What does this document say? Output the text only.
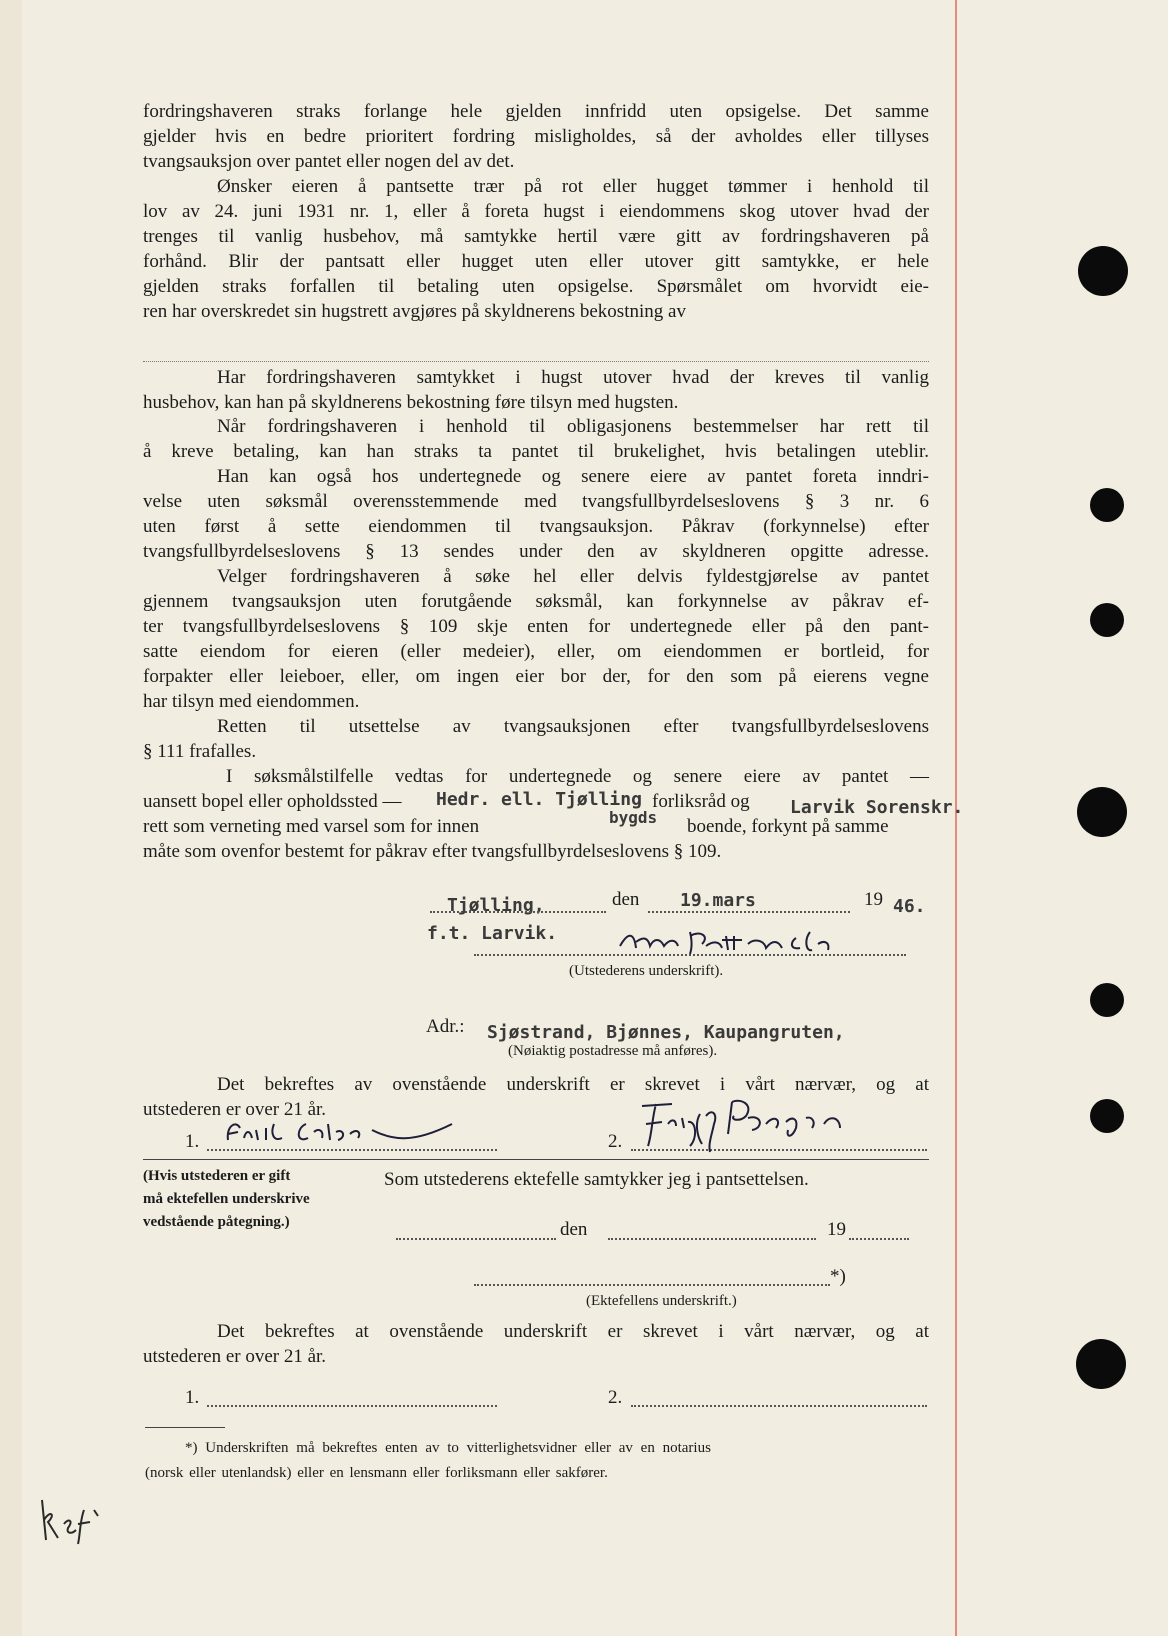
fordringshaveren straks forlange hele gjelden innfridd uten opsigelse. Det samme
gjelder hvis en bedre prioritert fordring misligholdes, så der avholdes eller tillyses
tvangsauksjon over pantet eller nogen del av det.
Ønsker eieren å pantsette trær på rot eller hugget tømmer i henhold til
lov av 24. juni 1931 nr. 1, eller å foreta hugst i eiendommens skog utover hvad der
trenges til vanlig husbehov, må samtykke hertil være gitt av fordringshaveren på
forhånd. Blir der pantsatt eller hugget uten eller utover gitt samtykke, er hele
gjelden straks forfallen til betaling uten opsigelse. Spørsmålet om hvorvidt eie-
ren har overskredet sin hugstrett avgjøres på skyldnerens bekostning av
Har fordringshaveren samtykket i hugst utover hvad der kreves til vanlig
husbehov, kan han på skyldnerens bekostning føre tilsyn med hugsten.
Når fordringshaveren i henhold til obligasjonens bestemmelser har rett til
å kreve betaling, kan han straks ta pantet til brukelighet, hvis betalingen uteblir.
Han kan også hos undertegnede og senere eiere av pantet foreta inndri-
velse uten søksmål overensstemmende med tvangsfullbyrdelseslovens § 3 nr. 6
uten først å sette eiendommen til tvangsauksjon. Påkrav (forkynnelse) efter
tvangsfullbyrdelseslovens § 13 sendes under den av skyldneren opgitte adresse.
Velger fordringshaveren å søke hel eller delvis fyldestgjørelse av pantet
gjennem tvangsauksjon uten forutgående søksmål, kan forkynnelse av påkrav ef-
ter tvangsfullbyrdelseslovens § 109 skje enten for undertegnede eller på den pant-
satte eiendom for eieren (eller medeier), eller, om eiendommen er bortleid, for
forpakter eller leieboer, eller, om ingen eier bor der, for den som på eierens vegne
har tilsyn med eiendommen.
Retten til utsettelse av tvangsauksjonen efter tvangsfullbyrdelseslovens
§ 111 frafalles.
I søksmålstilfelle vedtas for undertegnede og senere eiere av pantet —
uansett bopel eller opholdssted —	forliksråd og
rett som verneting med varsel som for innen	boende, forkynt på samme
måte som ovenfor bestemt for påkrav efter tvangsfullbyrdelseslovens § 109.
Hedr. ell. Tjølling	Larvik Sorenskr.
bygds
Tjølling,	den 19.mars	19 46.
f.t. Larvik.
(Utstederens underskrift).
Adr.: Sjøstrand, Bjønnes, Kaupangruten,
(Nøiaktig postadresse må anføres).
Det bekreftes av ovenstående underskrift er skrevet i vårt nærvær, og at
utstederen er over 21 år.
1.	2.
(Hvis utstederen er gift
må ektefellen underskrive
vedstående påtegning.)
Som utstederens ektefelle samtykker jeg i pantsettelsen.
den	19
*)
(Ektefellens underskrift.)
Det bekreftes at ovenstående underskrift er skrevet i vårt nærvær, og at
utstederen er over 21 år.
1.	2.
*) Underskriften må bekreftes enten av to vitterlighetsvidner eller av en notarius
(norsk eller utenlandsk) eller en lensmann eller forliksmann eller sakfører.
